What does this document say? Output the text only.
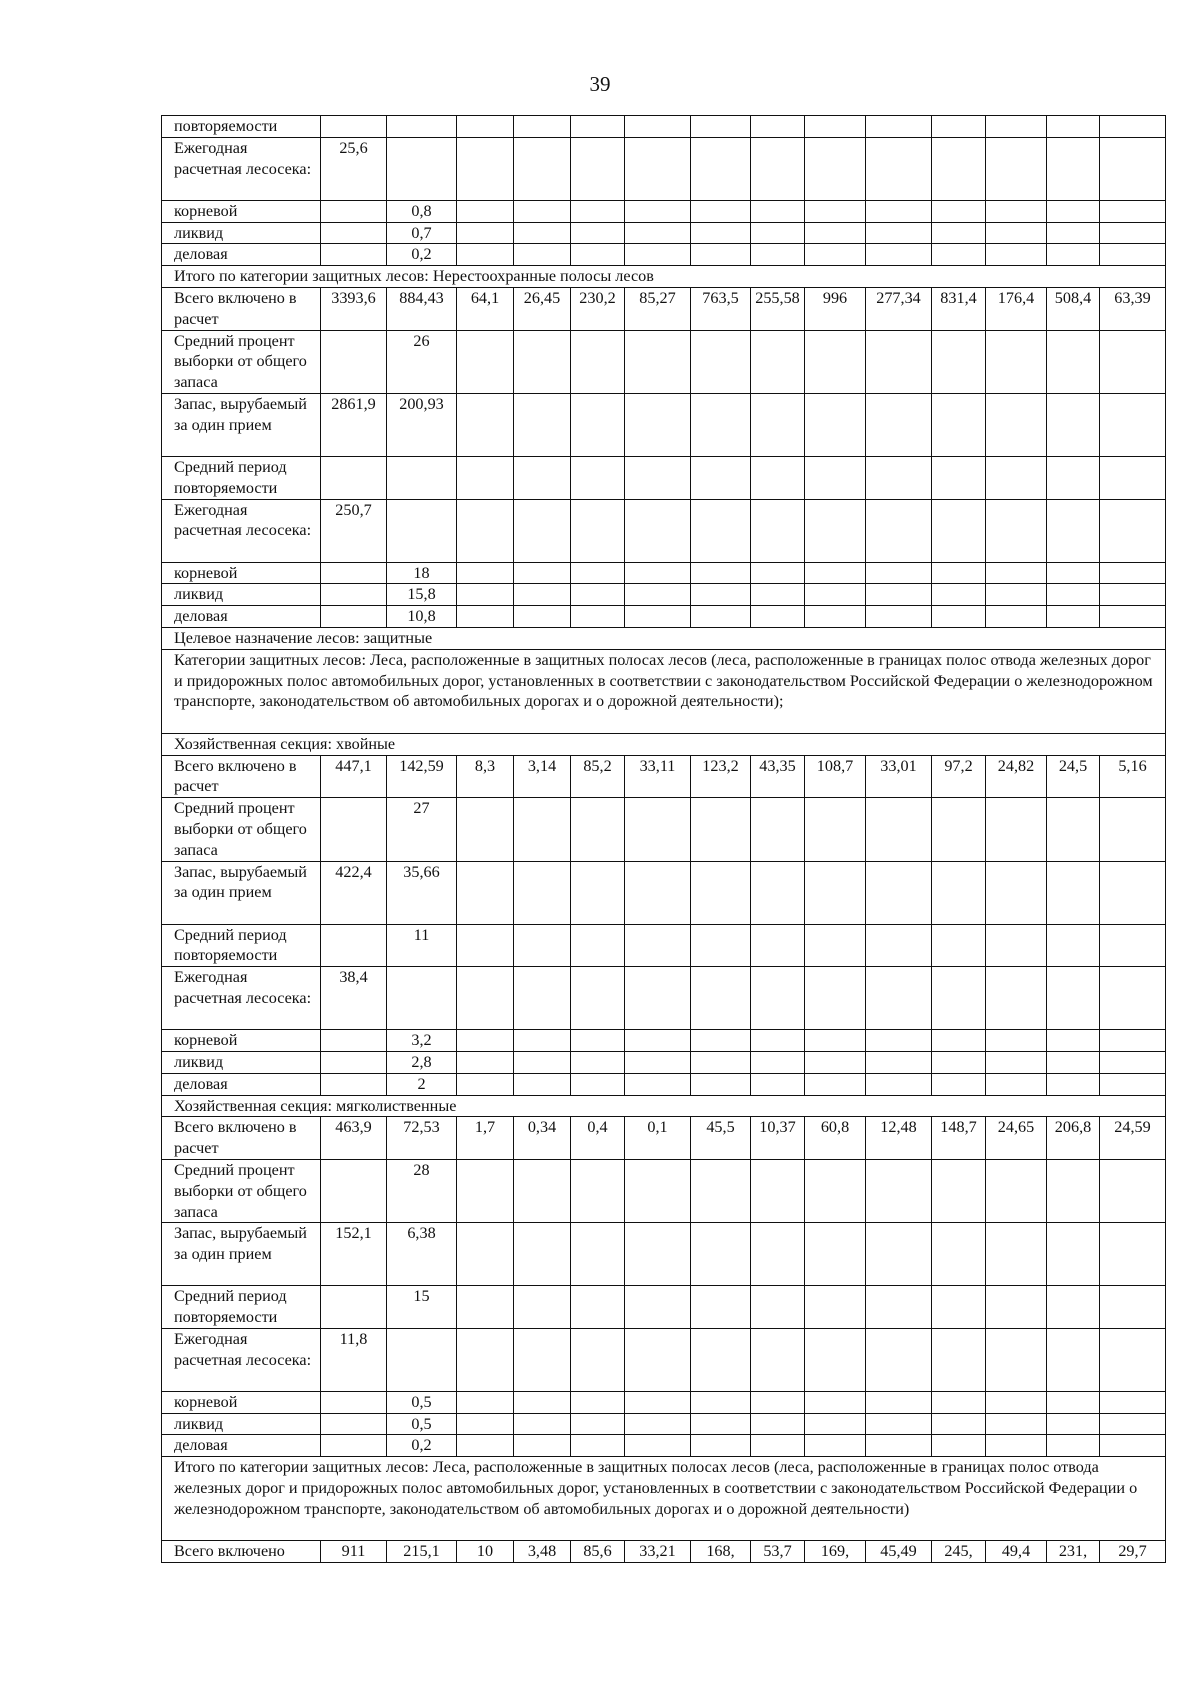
39
повторяемости														
Ежегодная расчетная лесосека:	25,6													
корневой		0,8												
ликвид		0,7												
деловая		0,2												
Итого по категории защитных лесов: Нерестоохранные полосы лесов														
Всего включено в расчет	3393,6	884,43	64,1	26,45	230,2	85,27	763,5	255,58	996	277,34	831,4	176,4	508,4	63,39
Средний процент выборки от общего запаса		26												
Запас, вырубаемый за один прием	2861,9	200,93												
Средний период повторяемости														
Ежегодная расчетная лесосека:	250,7													
корневой		18												
ликвид		15,8												
деловая		10,8												
Целевое назначение лесов: защитные														
Категории защитных лесов: Леса, расположенные в защитных полосах лесов (леса, расположенные в границах полос отвода железных дорог и придорожных полос автомобильных дорог, установленных в соответствии с законодательством Российской Федерации о железнодорожном транспорте, законодательством об автомобильных дорогах и о дорожной деятельности);														
Хозяйственная секция: хвойные														
Всего включено в расчет	447,1	142,59	8,3	3,14	85,2	33,11	123,2	43,35	108,7	33,01	97,2	24,82	24,5	5,16
Средний процент выборки от общего запаса		27												
Запас, вырубаемый за один прием	422,4	35,66												
Средний период повторяемости		11												
Ежегодная расчетная лесосека:	38,4													
корневой		3,2												
ликвид		2,8												
деловая		2												
Хозяйственная секция: мягколиственные														
Всего включено в расчет	463,9	72,53	1,7	0,34	0,4	0,1	45,5	10,37	60,8	12,48	148,7	24,65	206,8	24,59
Средний процент выборки от общего запаса		28												
Запас, вырубаемый за один прием	152,1	6,38												
Средний период повторяемости		15												
Ежегодная расчетная лесосека:	11,8													
корневой		0,5												
ликвид		0,5												
деловая		0,2												
Итого по категории защитных лесов: Леса, расположенные в защитных полосах лесов (леса, расположенные в границах полос отвода железных дорог и придорожных полос автомобильных дорог, установленных в соответствии с законодательством Российской Федерации о железнодорожном транспорте, законодательством об автомобильных дорогах и о дорожной деятельности)														
Всего включено	911	215,1	10	3,48	85,6	33,21	168,	53,7	169,	45,49	245,	49,4	231,	29,7
